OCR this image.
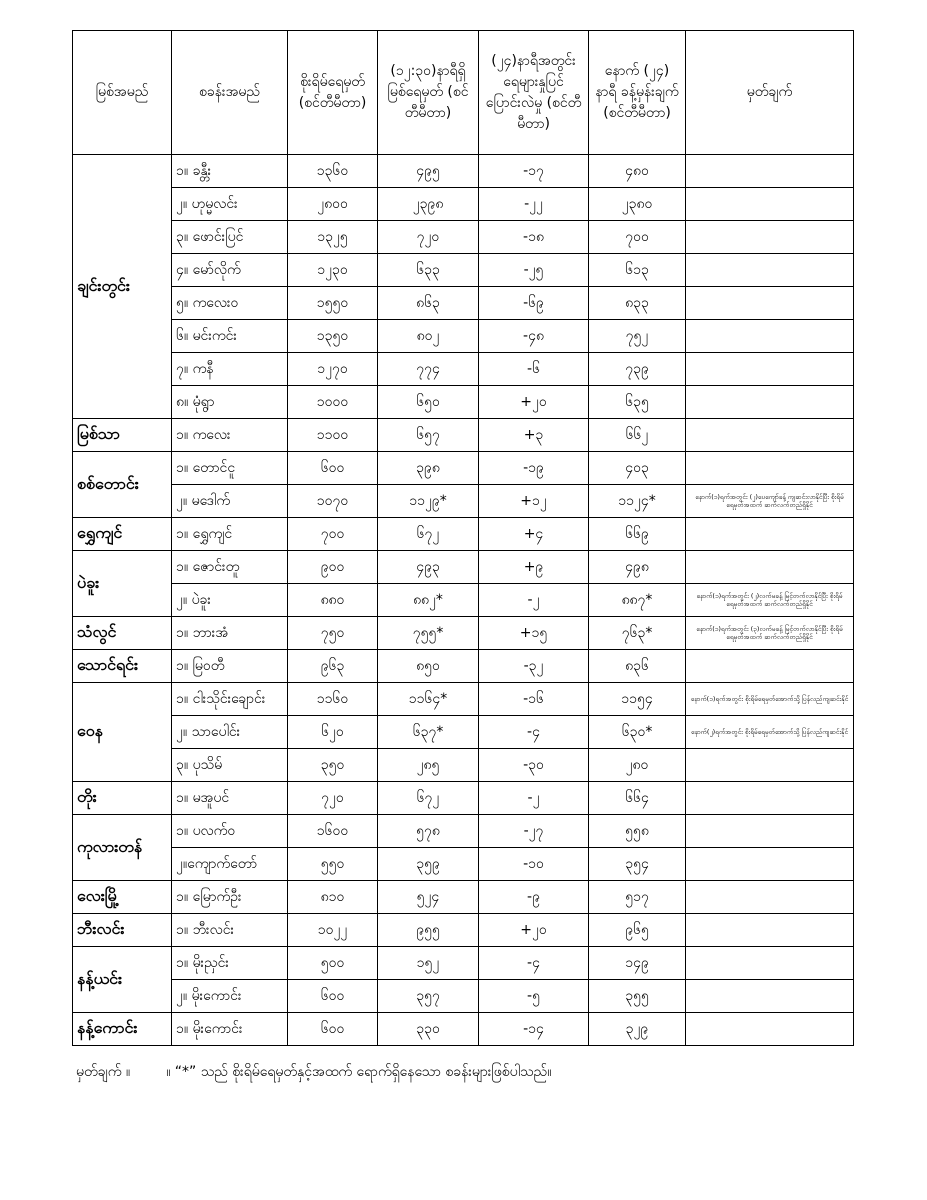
မြစ်အမည်	စခန်းအမည်	စိုးရိမ်ရေမှတ် (စင်တီမီတာ)	(၁၂:၃၀)နာရီရှိ မြစ်ရေမှတ် (စင်တီမီတာ)	(၂၄)နာရီအတွင်း ရေများနှုပြင် ပြောင်းလဲမှု (စင်တီမီတာ)	နောက် (၂၄) နာရီ ခန့်မှန်းချက် (စင်တီမီတာ)	မှတ်ချက်
ချင်းတွင်း	၁။ ခန္တီး	၁၃၆၀	၄၉၅	-၁၇	၄၈၀	
	၂။ ဟုမ္မလင်း	၂၈၀၀	၂၃၉၈	-၂၂	၂၃၈၀	
	၃။ ဖောင်းပြင်	၁၃၂၅	၇၂၀	-၁၈	၇၀၀	
	၄။ မော်လိုက်	၁၂၃၀	၆၃၃	-၂၅	၆၁၃	
	၅။ ကလေးဝ	၁၅၅၀	၈၆၃	-၆၉	၈၃၃	
	၆။ မင်းကင်း	၁၃၅၀	၈၀၂	-၄၈	၇၅၂	
	၇။ ကနီ	၁၂၇၀	၇၇၄	-၆	၇၃၉	
	၈။ မုံရွာ	၁၀၀၀	၆၅၀	+၂၀	၆၃၅	
မြစ်သာ	၁။ ကလေး	၁၁၀၀	၆၅၇	+၃	၆၆၂	
စစ်တောင်း	၁။ တောင်ငူ	၆၀၀	၃၉၈	-၁၉	၄၀၃	
	၂။ မဒေါက်	၁၀၇၀	၁၁၂၉*	+၁၂	၁၁၂၄*	နောက်(၁)ရက်အတွင်း (၂)ပေကျော်ခန့် ကျဆင်းလာနိုင်ပြီး စိုးရိမ်ရေမှတ်အထက် ဆက်လက်တည်ရှိနိုင်
ရွှေကျင်	၁။ ရွှေကျင်	၇၀၀	၆၇၂	+၄	၆၆၉	
ပဲခူး	၁။ ဇောင်းတူ	၉၀၀	၄၉၃	+၉	၄၉၈	
	၂။ ပဲခူး	၈၈၀	၈၈၂*	-၂	၈၈၇*	နောက်(၁)ရက်အတွင်း (၂)လက်မခန့် မြင့်တက်လာနိုင်ပြီး စိုးရိမ်ရေမှတ်အထက် ဆက်လက်တည်ရှိနိုင်
သံလွင်	၁။ ဘားအံ	၇၅၀	၇၅၅*	+၁၅	၇၆၃*	နောက်(၁)ရက်အတွင်း (၃)လက်မခန့် မြင့်တက်လာနိုင်ပြီး စိုးရိမ်ရေမှတ်အထက် ဆက်လက်တည်ရှိနိုင်
သောင်ရင်း	၁။ မြဝတီ	၉၆၃	၈၅၀	-၃၂	၈၃၆	
ဝေန	၁။ ငါးသိုင်းချောင်း	၁၁၆၀	၁၁၆၄*	-၁၆	၁၁၅၄	နောက်(၁)ရက်အတွင်း စိုးရိမ်ရေမှတ်အောက်သို့ ပြန်လည်ကျဆင်းနိုင်
	၂။ သာပေါင်း	၆၂၀	၆၃၇*	-၄	၆၃၀*	နောက်(၂)ရက်အတွင်း စိုးရိမ်ရေမှတ်အောက်သို့ ပြန်လည်ကျဆင်းနိုင်
	၃။ ပုသိမ်	၃၅၀	၂၈၅	-၃၀	၂၈၀	
တိုး	၁။ မအူပင်	၇၂၀	၆၇၂	-၂	၆၆၄	
ကုလားတန်	၁။ ပလက်ဝ	၁၆၀၀	၅၇၈	-၂၇	၅၅၈	
	၂။ကျောက်တော်	၅၅၀	၃၅၉	-၁၀	၃၅၄	
လေးမြို့	၁။ မြောက်ဦး	၈၁၀	၅၂၄	-၉	၅၁၇	
ဘီးလင်း	၁။ ဘီးလင်း	၁၀၂၂	၉၅၅	+၂၀	၉၆၅	
နန့်ယင်း	၁။ မိုးညှင်း	၅၀၀	၁၅၂	-၄	၁၄၉	
	၂။ မိုးကောင်း	၆၀၀	၃၅၇	-၅	၃၅၅	
နန့်ကောင်း	၁။ မိုးကောင်း	၆၀၀	၃၃၀	-၁၄	၃၂၉	
မှတ်ချက် ။	။ “*” သည် စိုးရိမ်ရေမှတ်နှင့်အထက် ရောက်ရှိနေသော စခန်းများဖြစ်ပါသည်။
